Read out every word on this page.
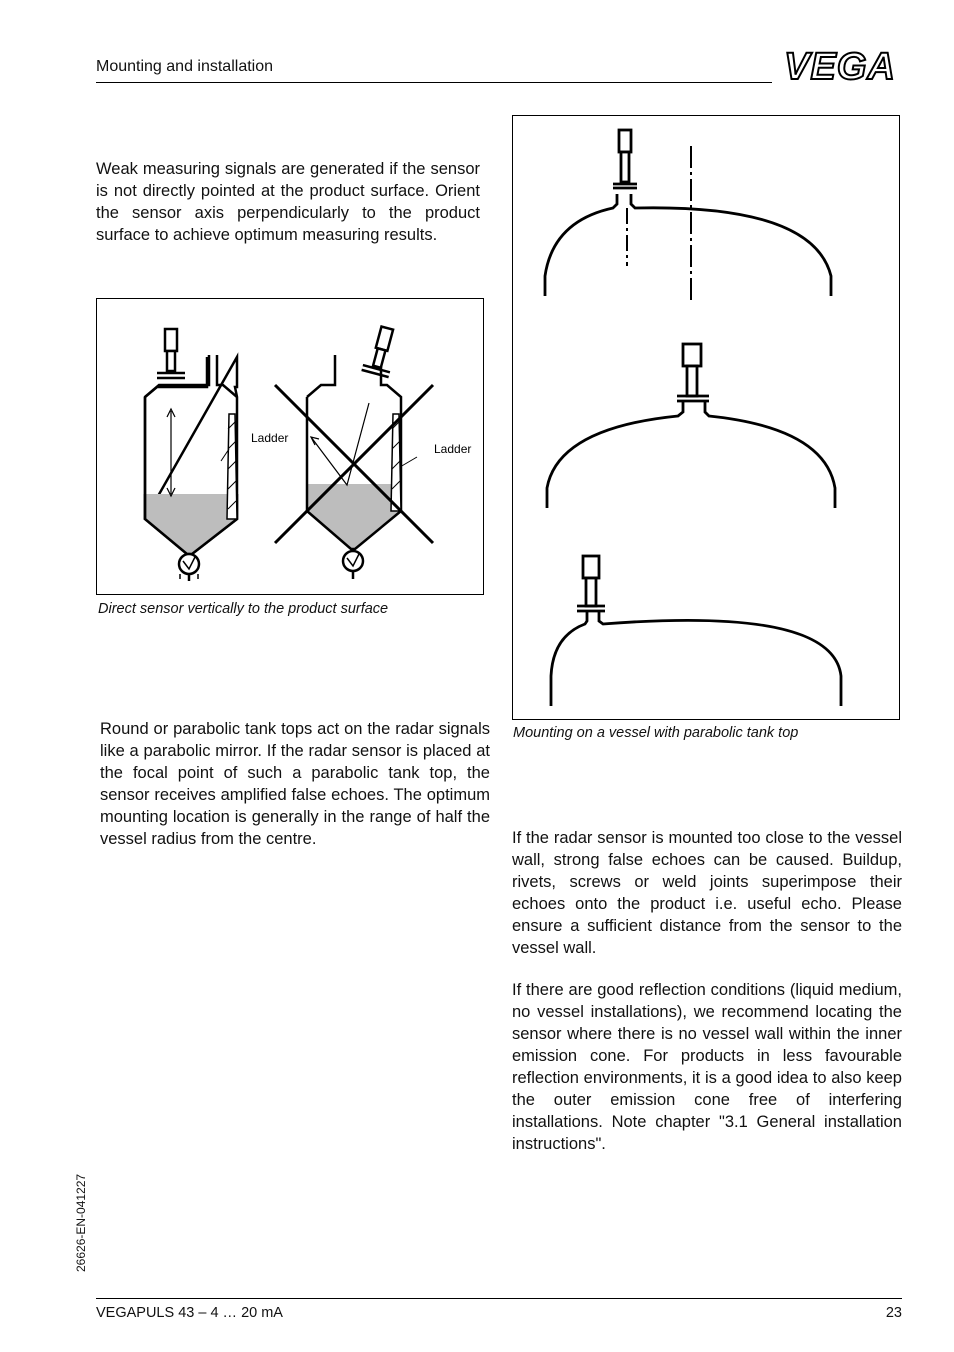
Mounting and installation	VEGA
Weak measuring signals are generated if the sensor is not directly pointed at the product surface. Orient the sensor axis perpendicularly to the product surface to achieve optimum measuring results.
Ladder
Ladder
Direct sensor vertically to the product surface
Round or parabolic tank tops act on the radar signals like a parabolic mirror. If the radar sensor is placed at the focal point of such a parabolic tank top, the sensor receives amplified false echoes. The optimum mounting location is generally in the range of half the vessel radius from the centre.
Mounting on a vessel with parabolic tank top
If the radar sensor is mounted too close to the vessel wall, strong false echoes can be caused. Buildup, rivets, screws or weld joints superimpose their echoes onto the product i.e. useful echo. Please ensure a sufficient distance from the sensor to the vessel wall.
If there are good reflection conditions (liquid medium, no vessel installations), we recommend locating the sensor where there is no vessel wall within the inner emission cone. For products in less favourable reflection environments, it is a good idea to also keep the outer emission cone free of interfering installations. Note chapter "3.1 General installation instructions".
26626-EN-041227
VEGAPULS 43 – 4 … 20 mA	23
